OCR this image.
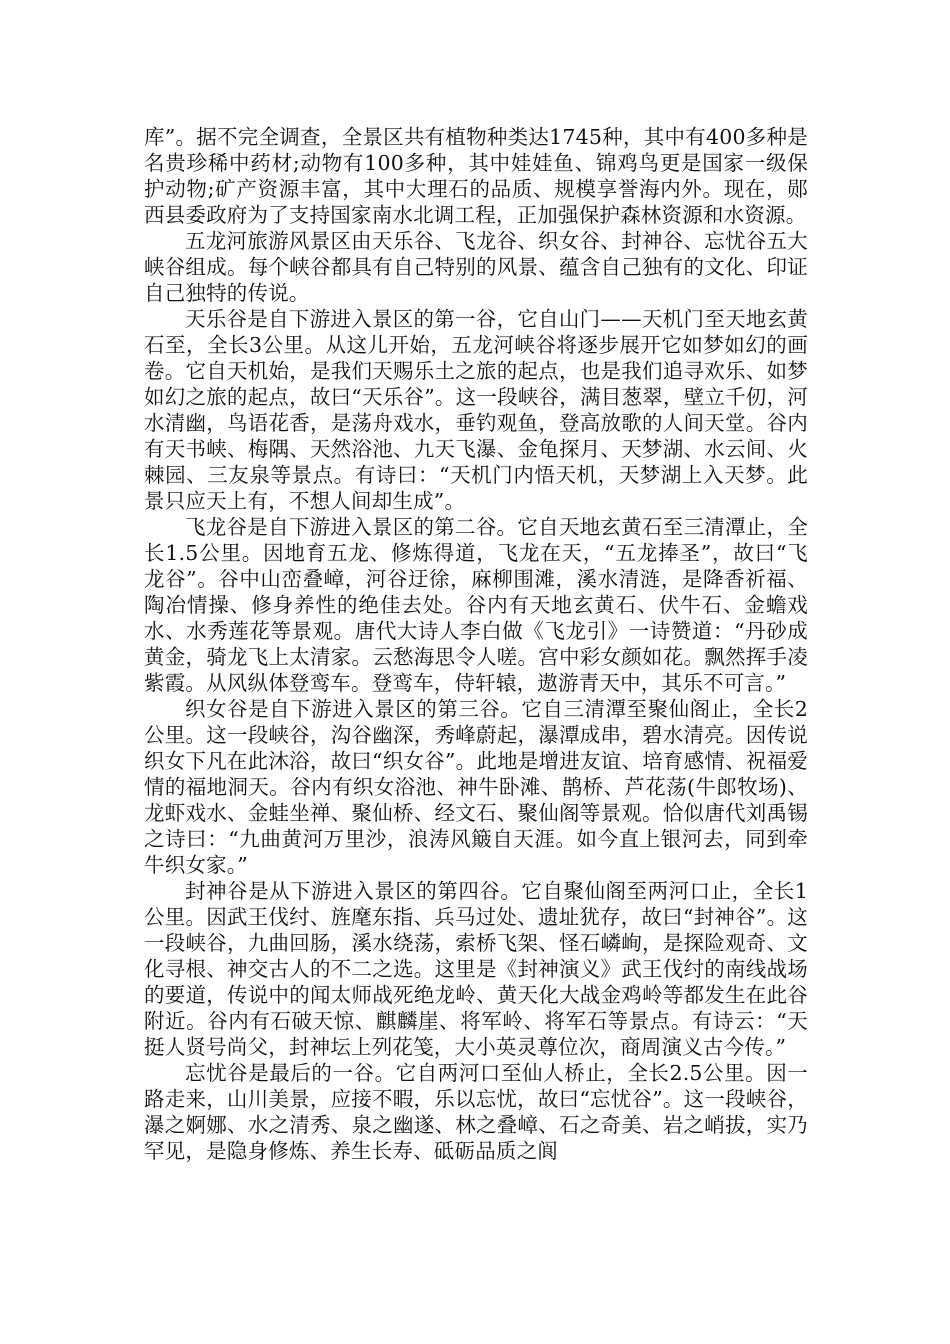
库”。据不完全调查，全景区共有植物种类达1745种，其中有400多种是名贵珍稀中药材;动物有100多种，其中娃娃鱼、锦鸡鸟更是国家一级保护动物;矿产资源丰富，其中大理石的品质、规模享誉海内外。现在，郧西县委政府为了支持国家南水北调工程，正加强保护森林资源和水资源。

五龙河旅游风景区由天乐谷、飞龙谷、织女谷、封神谷、忘忧谷五大峡谷组成。每个峡谷都具有自己特别的风景、蕴含自己独有的文化、印证自己独特的传说。

天乐谷是自下游进入景区的第一谷，它自山门——天机门至天地玄黄石至，全长3公里。从这儿开始，五龙河峡谷将逐步展开它如梦如幻的画卷。它自天机始，是我们天赐乐土之旅的起点，也是我们追寻欢乐、如梦如幻之旅的起点，故曰“天乐谷”。这一段峡谷，满目葱翠，壁立千仞，河水清幽，鸟语花香，是荡舟戏水，垂钓观鱼，登高放歌的人间天堂。谷内有天书峡、梅隅、天然浴池、九天飞瀑、金龟探月、天梦湖、水云间、火棘园、三友泉等景点。有诗曰：“天机门内悟天机，天梦湖上入天梦。此景只应天上有，不想人间却生成”。

飞龙谷是自下游进入景区的第二谷。它自天地玄黄石至三清潭止，全长1.5公里。因地育五龙、修炼得道，飞龙在天，“五龙捧圣”，故曰“飞龙谷”。谷中山峦叠嶂，河谷迂徐，麻柳围滩，溪水清涟，是降香祈福、陶冶情操、修身养性的绝佳去处。谷内有天地玄黄石、伏牛石、金蟾戏水、水秀莲花等景观。唐代大诗人李白做《飞龙引》一诗赞道：“丹砂成黄金，骑龙飞上太清家。云愁海思令人嗟。宫中彩女颜如花。飘然挥手凌紫霞。从风纵体登鸾车。登鸾车，侍轩辕，遨游青天中，其乐不可言。”

织女谷是自下游进入景区的第三谷。它自三清潭至聚仙阁止，全长2公里。这一段峡谷，沟谷幽深，秀峰蔚起，瀑潭成串，碧水清亮。因传说织女下凡在此沐浴，故曰“织女谷”。此地是增进友谊、培育感情、祝福爱情的福地洞天。谷内有织女浴池、神牛卧滩、鹊桥、芦花荡(牛郎牧场)、龙虾戏水、金蛙坐禅、聚仙桥、经文石、聚仙阁等景观。恰似唐代刘禹锡之诗曰：“九曲黄河万里沙，浪涛风簸自天涯。如今直上银河去，同到牵牛织女家。”

封神谷是从下游进入景区的第四谷。它自聚仙阁至两河口止，全长1公里。因武王伐纣、旌麾东指、兵马过处、遗址犹存，故曰“封神谷”。这一段峡谷，九曲回肠，溪水绕荡，索桥飞架、怪石嶙峋，是探险观奇、文化寻根、神交古人的不二之选。这里是《封神演义》武王伐纣的南线战场的要道，传说中的闻太师战死绝龙岭、黄天化大战金鸡岭等都发生在此谷附近。谷内有石破天惊、麒麟崖、将军岭、将军石等景点。有诗云：“天挺人贤号尚父，封神坛上列花笺，大小英灵尊位次，商周演义古今传。”

忘忧谷是最后的一谷。它自两河口至仙人桥止，全长2.5公里。因一路走来，山川美景，应接不暇，乐以忘忧，故曰“忘忧谷”。这一段峡谷，瀑之婀娜、水之清秀、泉之幽遂、林之叠嶂、石之奇美、岩之峭拔，实乃罕见，是隐身修炼、养生长寿、砥砺品质之阆
